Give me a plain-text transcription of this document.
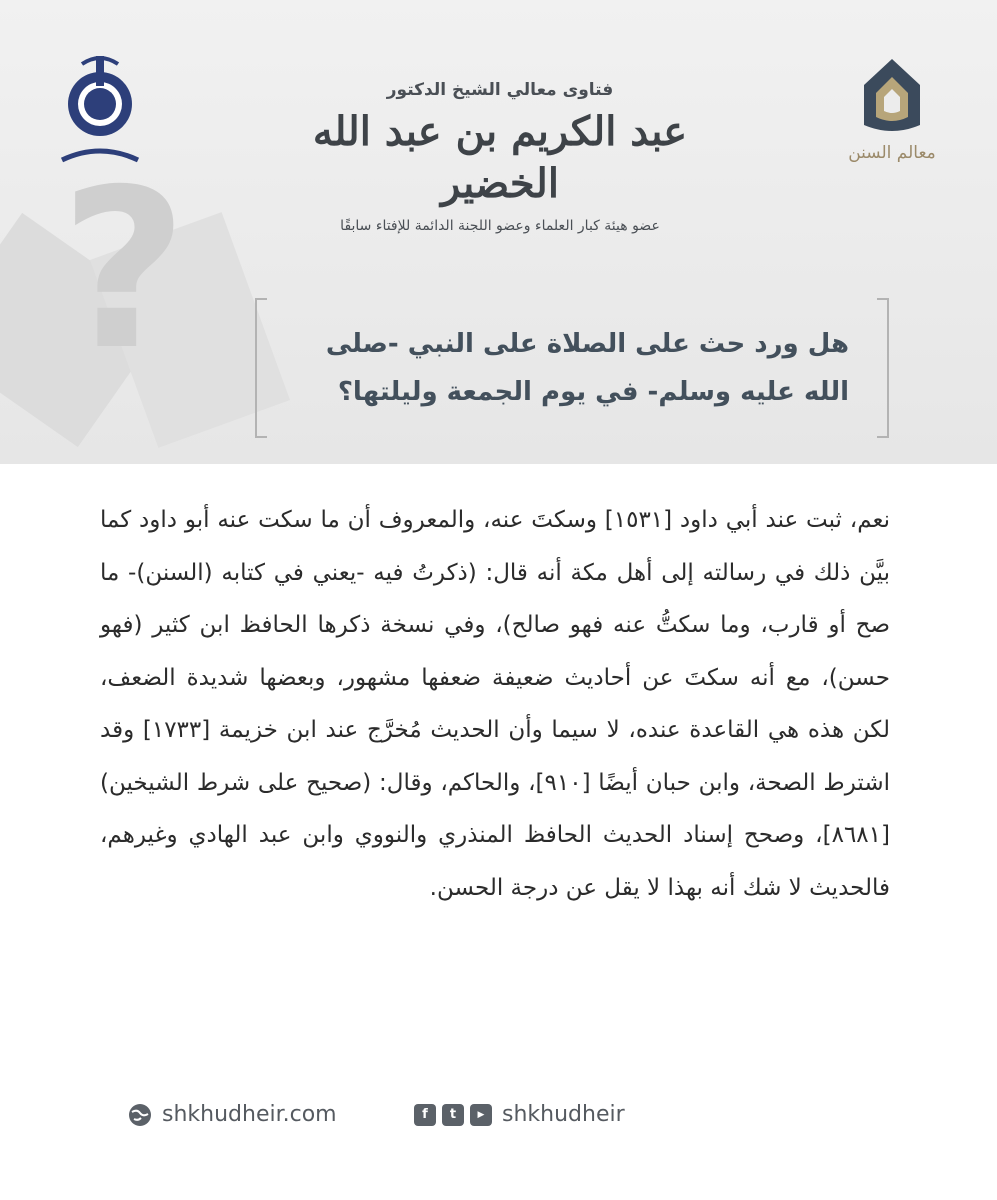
?	معالم السنن
فتاوى معالي الشيخ الدكتور
عبد الكريم بن عبد الله الخضير
عضو هيئة كبار العلماء وعضو اللجنة الدائمة للإفتاء سابقًا
هل ورد حث على الصلاة على النبي -صلى الله عليه وسلم- في يوم الجمعة وليلتها؟
نعم، ثبت عند أبي داود [١٥٣١] وسكتَ عنه، والمعروف أن ما سكت عنه أبو داود كما بيَّن ذلك في رسالته إلى أهل مكة أنه قال: (ذكرتُ فيه -يعني في كتابه (السنن)- ما صح أو قارب، وما سكتُّ عنه فهو صالح)، وفي نسخة ذكرها الحافظ ابن كثير (فهو حسن)، مع أنه سكتَ عن أحاديث ضعيفة ضعفها مشهور، وبعضها شديدة الضعف، لكن هذه هي القاعدة عنده، لا سيما وأن الحديث مُخرَّج عند ابن خزيمة [١٧٣٣] وقد اشترط الصحة، وابن حبان أيضًا [٩١٠]، والحاكم، وقال: (صحيح على شرط الشيخين) [٨٦٨١]، وصحح إسناد الحديث الحافظ المنذري والنووي وابن عبد الهادي وغيرهم، فالحديث لا شك أنه بهذا لا يقل عن درجة الحسن.
shkhudheir.com	f	t	▶ shkhudheir
